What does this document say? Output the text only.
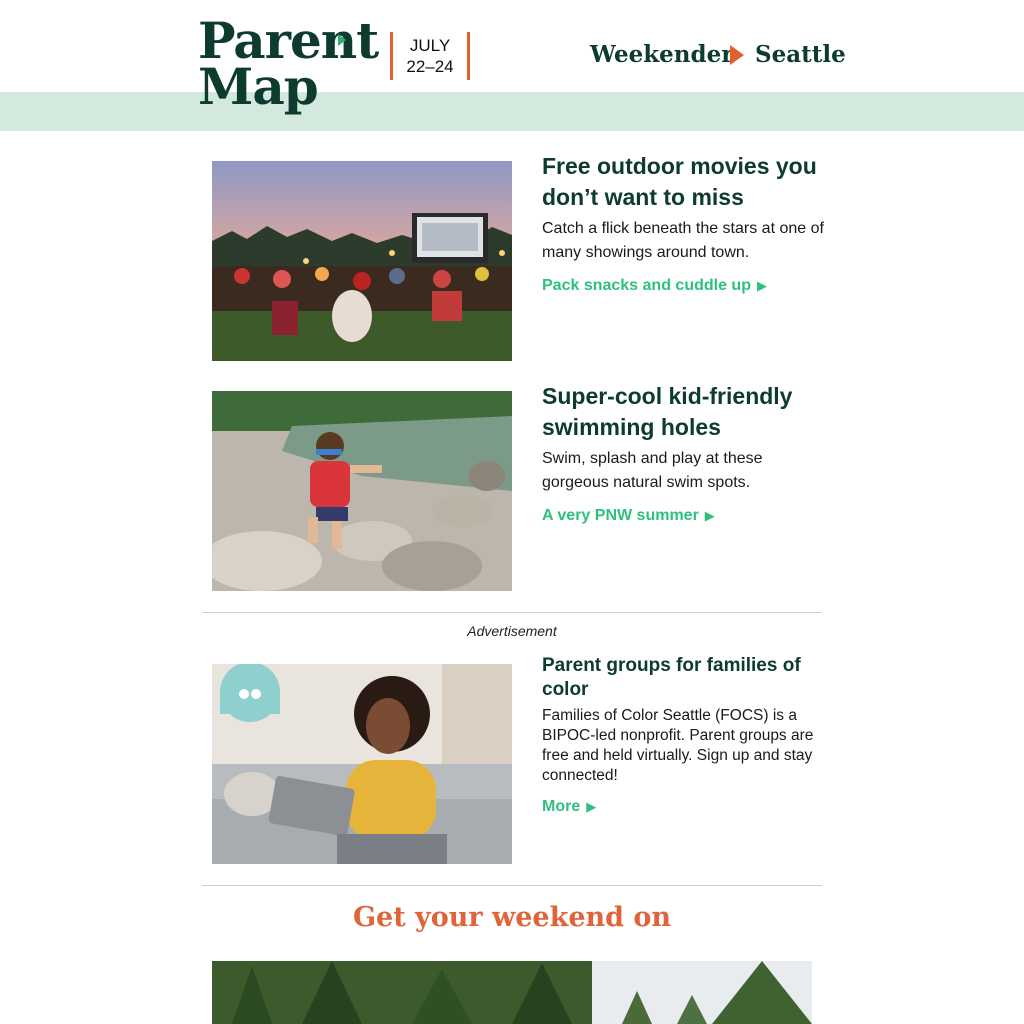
Parent
Map
JULY
22–24	Weekender Seattle
Free outdoor movies you don’t want to miss

Catch a flick beneath the stars at one of many showings around town.

Pack snacks and cuddle up ▶
Super-cool kid-friendly swimming holes

Swim, splash and play at these gorgeous natural swim spots.

A very PNW summer ▶
Advertisement
Parent groups for families of color

Families of Color Seattle (FOCS) is a BIPOC-led nonprofit. Parent groups are free and held virtually. Sign up and stay connected!

More ▶
Get your weekend on
